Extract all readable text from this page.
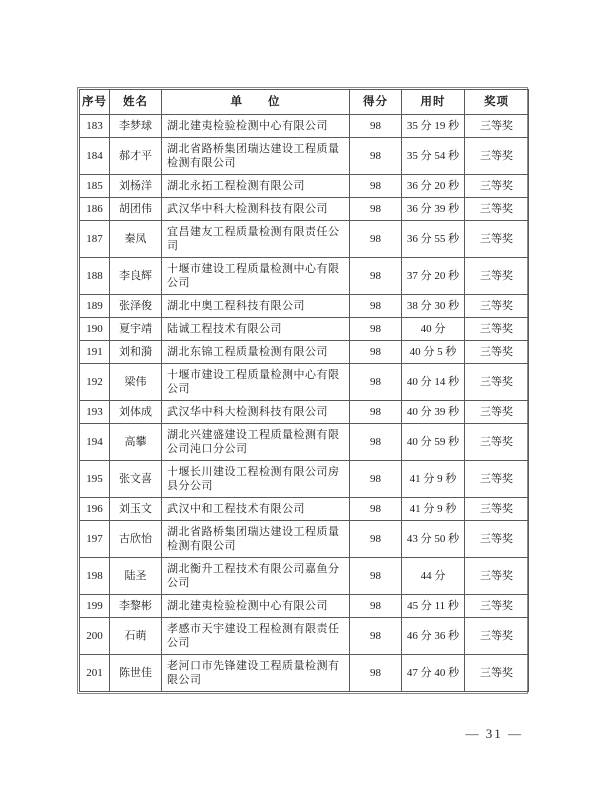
序号	姓名	单　　位	得分	用时	奖项
183	李梦球	湖北建夷检验检测中心有限公司	98	35 分 19 秒	三等奖
184	郝才平	湖北省路桥集团瑞达建设工程质量检测有限公司	98	35 分 54 秒	三等奖
185	刘杨洋	湖北永拓工程检测有限公司	98	36 分 20 秒	三等奖
186	胡团伟	武汉华中科大检测科技有限公司	98	36 分 39 秒	三等奖
187	秦凤	宜昌建友工程质量检测有限责任公司	98	36 分 55 秒	三等奖
188	李良辉	十堰市建设工程质量检测中心有限公司	98	37 分 20 秒	三等奖
189	张泽俊	湖北中奥工程科技有限公司	98	38 分 30 秒	三等奖
190	夏宇靖	陆诚工程技术有限公司	98	40 分	三等奖
191	刘和漪	湖北东锦工程质量检测有限公司	98	40 分 5 秒	三等奖
192	梁伟	十堰市建设工程质量检测中心有限公司	98	40 分 14 秒	三等奖
193	刘体成	武汉华中科大检测科技有限公司	98	40 分 39 秒	三等奖
194	高攀	湖北兴建盛建设工程质量检测有限公司沌口分公司	98	40 分 59 秒	三等奖
195	张文喜	十堰长川建设工程检测有限公司房县分公司	98	41 分 9 秒	三等奖
196	刘玉文	武汉中和工程技术有限公司	98	41 分 9 秒	三等奖
197	古欣怡	湖北省路桥集团瑞达建设工程质量检测有限公司	98	43 分 50 秒	三等奖
198	陆圣	湖北衡升工程技术有限公司嘉鱼分公司	98	44 分	三等奖
199	李黎彬	湖北建夷检验检测中心有限公司	98	45 分 11 秒	三等奖
200	石萌	孝感市天宇建设工程检测有限责任公司	98	46 分 36 秒	三等奖
201	陈世佳	老河口市先锋建设工程质量检测有限公司	98	47 分 40 秒	三等奖
— 31 —
